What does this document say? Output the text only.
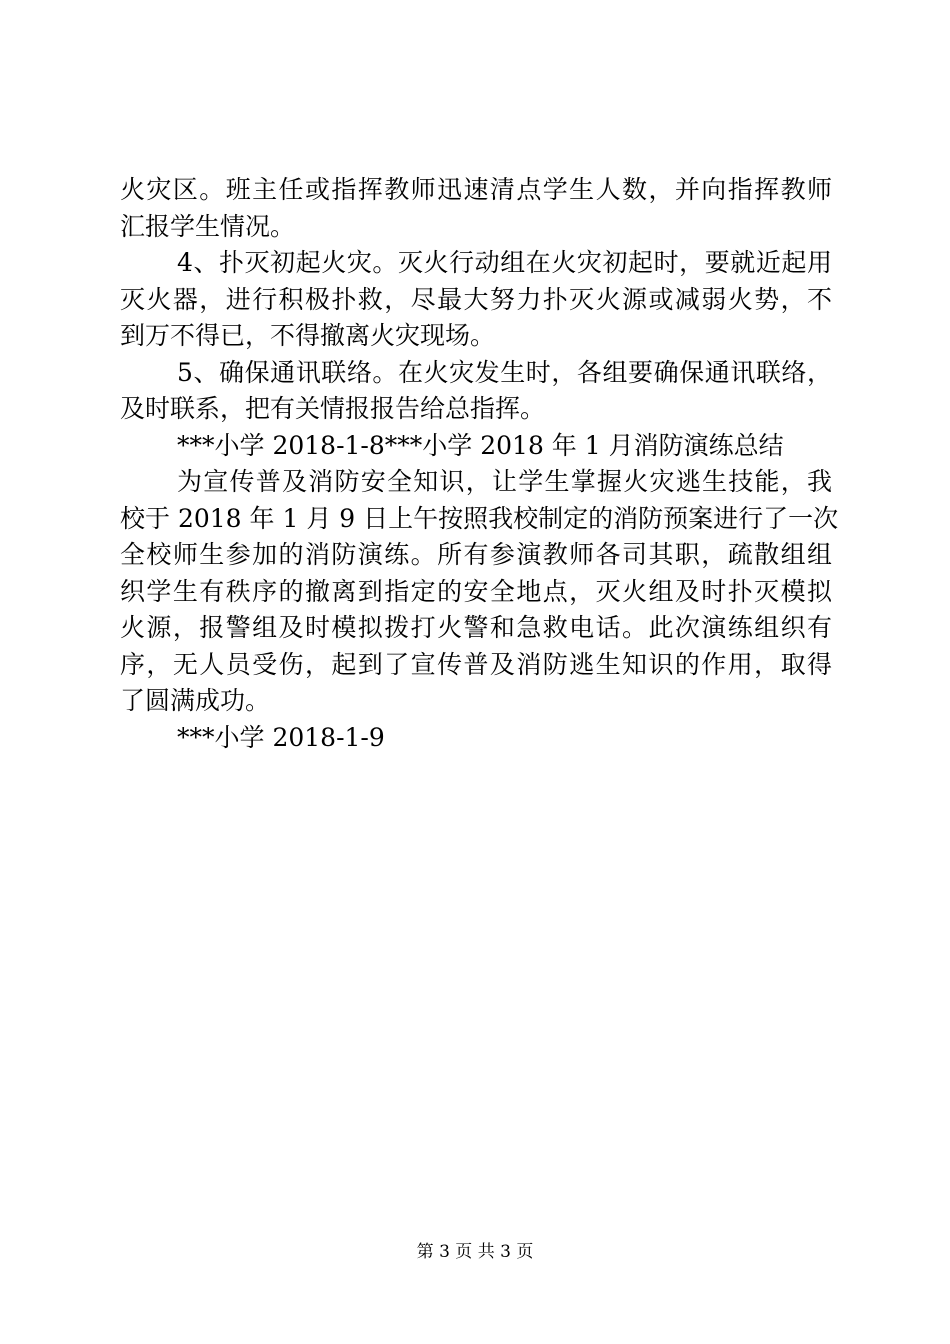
火灾区。班主任或指挥教师迅速清点学生人数，并向指挥教师
汇报学生情况。
4、扑灭初起火灾。灭火行动组在火灾初起时，要就近起用
灭火器，进行积极扑救，尽最大努力扑灭火源或减弱火势，不
到万不得已，不得撤离火灾现场。
5、确保通讯联络。在火灾发生时，各组要确保通讯联络，
及时联系，把有关情报报告给总指挥。
***小学 2018-1-8***小学 2018 年 1 月消防演练总结
为宣传普及消防安全知识，让学生掌握火灾逃生技能，我
校于 2018 年 1 月 9 日上午按照我校制定的消防预案进行了一次
全校师生参加的消防演练。所有参演教师各司其职，疏散组组
织学生有秩序的撤离到指定的安全地点，灭火组及时扑灭模拟
火源，报警组及时模拟拨打火警和急救电话。此次演练组织有
序，无人员受伤，起到了宣传普及消防逃生知识的作用，取得
了圆满成功。
***小学 2018-1-9
第 3 页 共 3 页
